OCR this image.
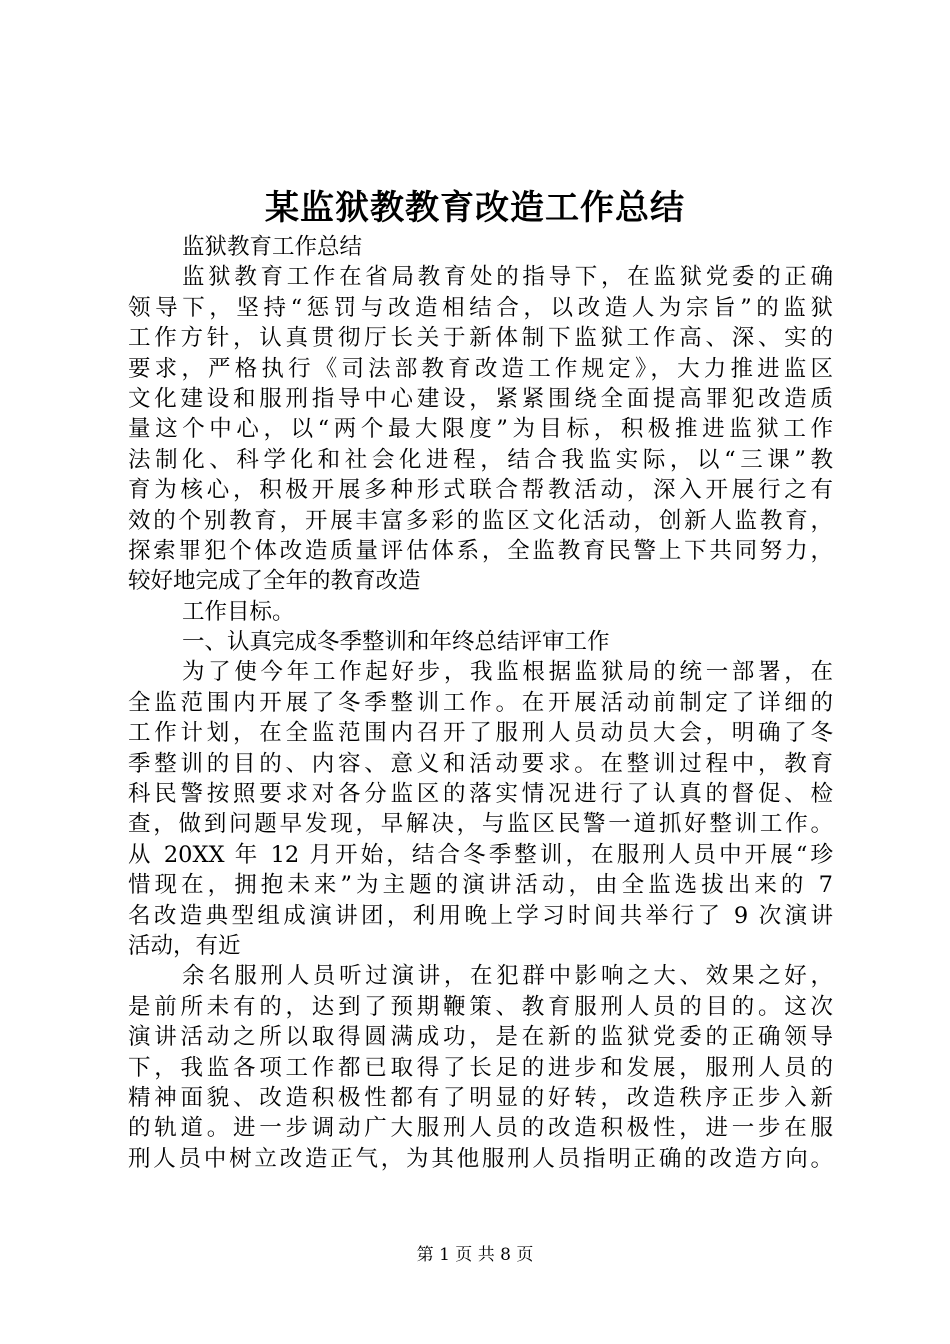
某监狱教教育改造工作总结
监狱教育工作总结
监狱教育工作在省局教育处的指导下，在监狱党委的正确
领导下，坚持“惩罚与改造相结合，以改造人为宗旨”的监狱
工作方针，认真贯彻厅长关于新体制下监狱工作高、深、实的
要求，严格执行《司法部教育改造工作规定》，大力推进监区
文化建设和服刑指导中心建设，紧紧围绕全面提高罪犯改造质
量这个中心，以“两个最大限度”为目标，积极推进监狱工作
法制化、科学化和社会化进程，结合我监实际，以“三课”教
育为核心，积极开展多种形式联合帮教活动，深入开展行之有
效的个别教育，开展丰富多彩的监区文化活动，创新人监教育，
探索罪犯个体改造质量评估体系，全监教育民警上下共同努力，
较好地完成了全年的教育改造
工作目标。
一、认真完成冬季整训和年终总结评审工作
为了使今年工作起好步，我监根据监狱局的统一部署，在
全监范围内开展了冬季整训工作。在开展活动前制定了详细的
工作计划，在全监范围内召开了服刑人员动员大会，明确了冬
季整训的目的、内容、意义和活动要求。在整训过程中，教育
科民警按照要求对各分监区的落实情况进行了认真的督促、检
查，做到问题早发现，早解决，与监区民警一道抓好整训工作。
从 20XX 年 12 月开始，结合冬季整训，在服刑人员中开展“珍
惜现在，拥抱未来”为主题的演讲活动，由全监选拔出来的 7
名改造典型组成演讲团，利用晚上学习时间共举行了 9 次演讲
活动，有近
余名服刑人员听过演讲，在犯群中影响之大、效果之好，
是前所未有的，达到了预期鞭策、教育服刑人员的目的。这次
演讲活动之所以取得圆满成功，是在新的监狱党委的正确领导
下，我监各项工作都已取得了长足的进步和发展，服刑人员的
精神面貌、改造积极性都有了明显的好转，改造秩序正步入新
的轨道。进一步调动广大服刑人员的改造积极性，进一步在服
刑人员中树立改造正气，为其他服刑人员指明正确的改造方向。
第 1 页 共 8 页
